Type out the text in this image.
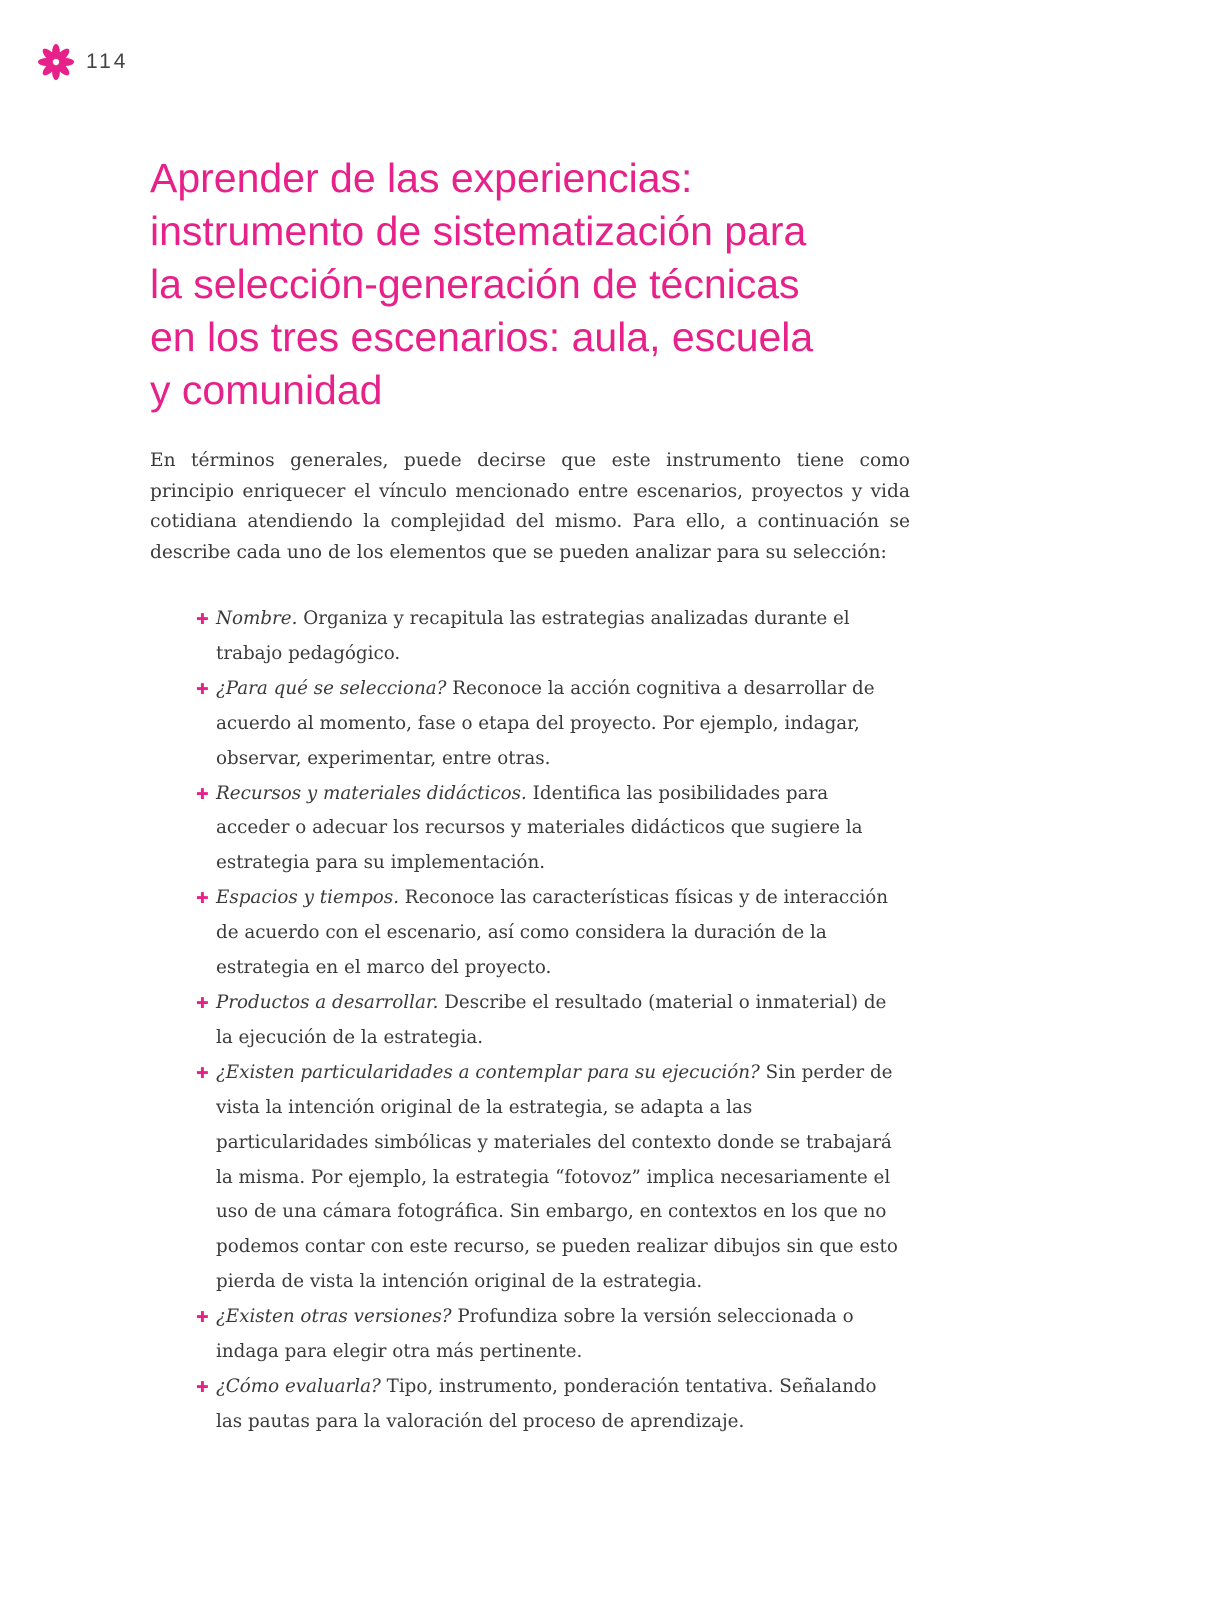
114
Aprender de las experiencias:
instrumento de sistematización para
la selección-generación de técnicas
en los tres escenarios: aula, escuela
y comunidad

En términos generales, puede decirse que este instrumento tiene como principio enriquecer el vínculo mencionado entre escenarios, proyectos y vida cotidiana atendiendo la complejidad del mismo. Para ello, a continuación se describe cada uno de los elementos que se pueden analizar para su selección:

✚ Nombre. Organiza y recapitula las estrategias analizadas durante el trabajo pedagógico.
✚ ¿Para qué se selecciona? Reconoce la acción cognitiva a desarrollar de acuerdo al momento, fase o etapa del proyecto. Por ejemplo, indagar, observar, experimentar, entre otras.
✚ Recursos y materiales didácticos. Identifica las posibilidades para acceder o adecuar los recursos y materiales didácticos que sugiere la estrategia para su implementación.
✚ Espacios y tiempos. Reconoce las características físicas y de interacción de acuerdo con el escenario, así como considera la duración de la estrategia en el marco del proyecto.
✚ Productos a desarrollar. Describe el resultado (material o inmaterial) de la ejecución de la estrategia.
✚ ¿Existen particularidades a contemplar para su ejecución? Sin perder de vista la intención original de la estrategia, se adapta a las particularidades simbólicas y materiales del contexto donde se trabajará la misma. Por ejemplo, la estrategia “fotovoz” implica necesariamente el uso de una cámara fotográfica. Sin embargo, en contextos en los que no podemos contar con este recurso, se pueden realizar dibujos sin que esto pierda de vista la intención original de la estrategia.
✚ ¿Existen otras versiones? Profundiza sobre la versión seleccionada o indaga para elegir otra más pertinente.
✚ ¿Cómo evaluarla? Tipo, instrumento, ponderación tentativa. Señalando las pautas para la valoración del proceso de aprendizaje.
